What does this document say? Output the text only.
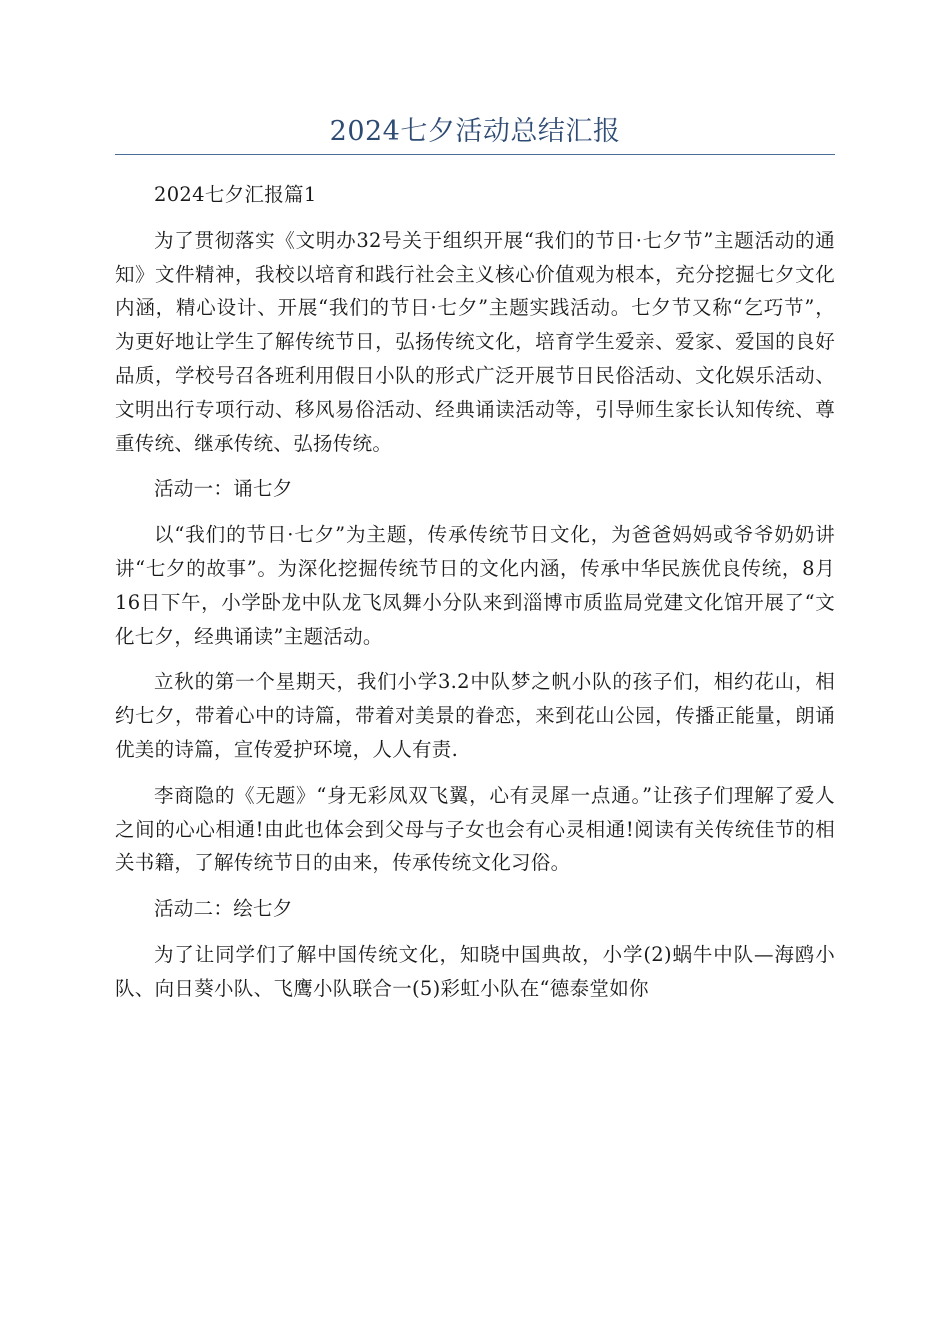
2024七夕活动总结汇报

2024七夕汇报篇1

为了贯彻落实《文明办32号关于组织开展“我们的节日·七夕节”主题活动的通知》文件精神，我校以培育和践行社会主义核心价值观为根本，充分挖掘七夕文化内涵，精心设计、开展“我们的节日·七夕”主题实践活动。七夕节又称“乞巧节”，为更好地让学生了解传统节日，弘扬传统文化，培育学生爱亲、爱家、爱国的良好品质，学校号召各班利用假日小队的形式广泛开展节日民俗活动、文化娱乐活动、文明出行专项行动、移风易俗活动、经典诵读活动等，引导师生家长认知传统、尊重传统、继承传统、弘扬传统。

活动一：诵七夕

以“我们的节日·七夕”为主题，传承传统节日文化，为爸爸妈妈或爷爷奶奶讲讲“七夕的故事”。为深化挖掘传统节日的文化内涵，传承中华民族优良传统，8月16日下午，小学卧龙中队龙飞凤舞小分队来到淄博市质监局党建文化馆开展了“文化七夕，经典诵读”主题活动。

立秋的第一个星期天，我们小学3.2中队梦之帆小队的孩子们，相约花山，相约七夕，带着心中的诗篇，带着对美景的眷恋，来到花山公园，传播正能量，朗诵优美的诗篇，宣传爱护环境，人人有责.

李商隐的《无题》“身无彩凤双飞翼，心有灵犀一点通。”让孩子们理解了爱人之间的心心相通!由此也体会到父母与子女也会有心灵相通!阅读有关传统佳节的相关书籍，了解传统节日的由来，传承传统文化习俗。

活动二：绘七夕

为了让同学们了解中国传统文化，知晓中国典故，小学(2)蜗牛中队—海鸥小队、向日葵小队、飞鹰小队联合一(5)彩虹小队在“德泰堂如你
